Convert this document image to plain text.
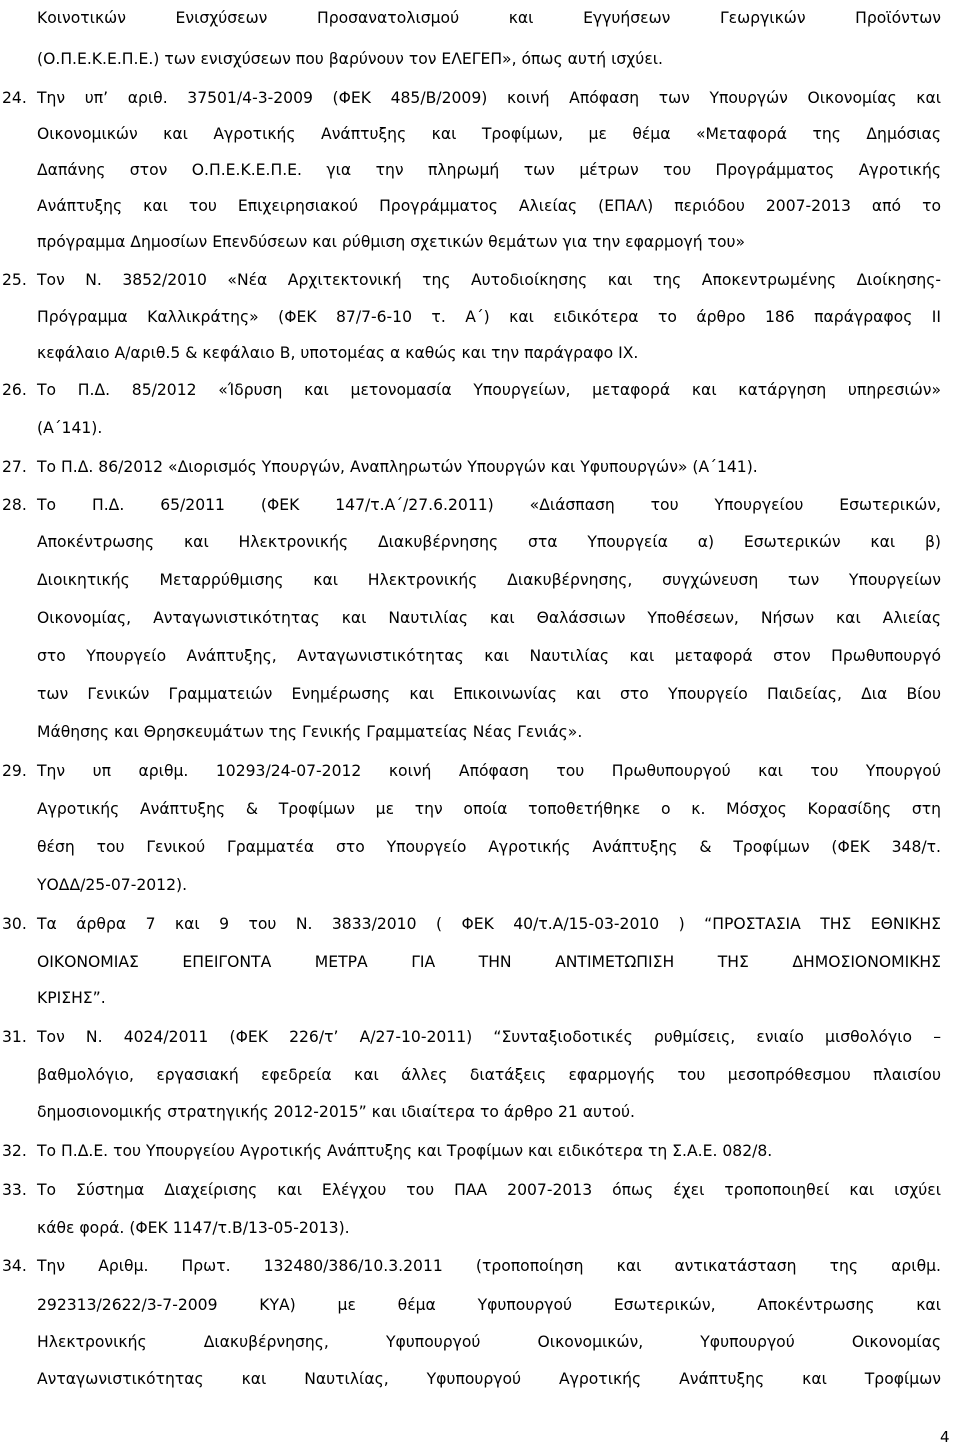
Κοινοτικών Ενισχύσεων Προσανατολισμού και Εγγυήσεων Γεωργικών Προϊόντων
(Ο.Π.Ε.Κ.Ε.Π.Ε.) των ενισχύσεων που βαρύνουν τον ΕΛΕΓΕΠ», όπως αυτή ισχύει.
24. Την υπ’ αριθ. 37501/4-3-2009 (ΦΕΚ 485/Β/2009) κοινή Απόφαση των Υπουργών Οικονομίας και
Οικονομικών και Αγροτικής Ανάπτυξης και Τροφίμων, με θέμα «Μεταφορά της Δημόσιας
Δαπάνης στον Ο.Π.Ε.Κ.Ε.Π.Ε. για την πληρωμή των μέτρων του Προγράμματος Αγροτικής
Ανάπτυξης και του Επιχειρησιακού Προγράμματος Αλιείας (ΕΠΑΛ) περιόδου 2007-2013 από το
πρόγραμμα Δημοσίων Επενδύσεων και ρύθμιση σχετικών θεμάτων για την εφαρμογή του»
25. Τον Ν. 3852/2010 «Νέα Αρχιτεκτονική της Αυτοδιοίκησης και της Αποκεντρωμένης Διοίκησης-
Πρόγραμμα Καλλικράτης» (ΦΕΚ 87/7-6-10 τ. Α΄) και ειδικότερα το άρθρο 186 παράγραφος ΙΙ
κεφάλαιο Α/αριθ.5 & κεφάλαιο Β, υποτομέας α καθώς και την παράγραφο ΙΧ.
26. Το Π.Δ. 85/2012 «Ίδρυση και μετονομασία Υπουργείων, μεταφορά και κατάργηση υπηρεσιών»
(Α΄141).
27. Το Π.Δ. 86/2012 «Διορισμός Υπουργών, Αναπληρωτών Υπουργών και Υφυπουργών» (Α΄141).
28. Το Π.Δ. 65/2011 (ΦΕΚ 147/τ.Α΄/27.6.2011) «Διάσπαση του Υπουργείου Εσωτερικών,
Αποκέντρωσης και Ηλεκτρονικής Διακυβέρνησης στα Υπουργεία α) Εσωτερικών και β)
Διοικητικής Μεταρρύθμισης και Ηλεκτρονικής Διακυβέρνησης, συγχώνευση των Υπουργείων
Οικονομίας, Ανταγωνιστικότητας και Ναυτιλίας και Θαλάσσιων Υποθέσεων, Νήσων και Αλιείας
στο Υπουργείο Ανάπτυξης, Ανταγωνιστικότητας και Ναυτιλίας και μεταφορά στον Πρωθυπουργό
των Γενικών Γραμματειών Ενημέρωσης και Επικοινωνίας και στο Υπουργείο Παιδείας, Δια Βίου
Μάθησης και Θρησκευμάτων της Γενικής Γραμματείας Νέας Γενιάς».
29. Την υπ αριθμ. 10293/24-07-2012 κοινή Απόφαση του Πρωθυπουργού και του Υπουργού
Αγροτικής Ανάπτυξης & Τροφίμων με την οποία τοποθετήθηκε ο κ. Μόσχος Κορασίδης στη
θέση του Γενικού Γραμματέα στο Υπουργείο Αγροτικής Ανάπτυξης & Τροφίμων (ΦΕΚ 348/τ.
ΥΟΔΔ/25-07-2012).
30. Τα άρθρα 7 και 9 του Ν. 3833/2010 ( ΦΕΚ 40/τ.Α/15-03-2010 ) “ΠΡΟΣΤΑΣΙΑ ΤΗΣ ΕΘΝΙΚΗΣ
ΟΙΚΟΝΟΜΙΑΣ ΕΠΕΙΓΟΝΤΑ ΜΕΤΡΑ ΓΙΑ ΤΗΝ ΑΝΤΙΜΕΤΩΠΙΣΗ ΤΗΣ ΔΗΜΟΣΙΟΝΟΜΙΚΗΣ
ΚΡΙΣΗΣ”.
31. Τον Ν. 4024/2011 (ΦΕΚ 226/τ’ Α/27-10-2011) “Συνταξιοδοτικές ρυθμίσεις, ενιαίο μισθολόγιο –
βαθμολόγιο, εργασιακή εφεδρεία και άλλες διατάξεις εφαρμογής του μεσοπρόθεσμου πλαισίου
δημοσιονομικής στρατηγικής 2012-2015” και ιδιαίτερα το άρθρο 21 αυτού.
32. Το Π.Δ.Ε. του Υπουργείου Αγροτικής Ανάπτυξης και Τροφίμων και ειδικότερα τη Σ.Α.Ε. 082/8.
33. Το Σύστημα Διαχείρισης και Ελέγχου του ΠΑΑ 2007-2013 όπως έχει τροποποιηθεί και ισχύει
κάθε φορά. (ΦΕΚ 1147/τ.Β/13-05-2013).
34. Την Αριθμ. Πρωτ. 132480/386/10.3.2011 (τροποποίηση και αντικατάσταση της αριθμ.
292313/2622/3-7-2009 ΚΥΑ) με θέμα Υφυπουργού Εσωτερικών, Αποκέντρωσης και
Ηλεκτρονικής Διακυβέρνησης, Υφυπουργού Οικονομικών, Υφυπουργού Οικονομίας
Ανταγωνιστικότητας και Ναυτιλίας, Υφυπουργού Αγροτικής Ανάπτυξης και Τροφίμων
4
